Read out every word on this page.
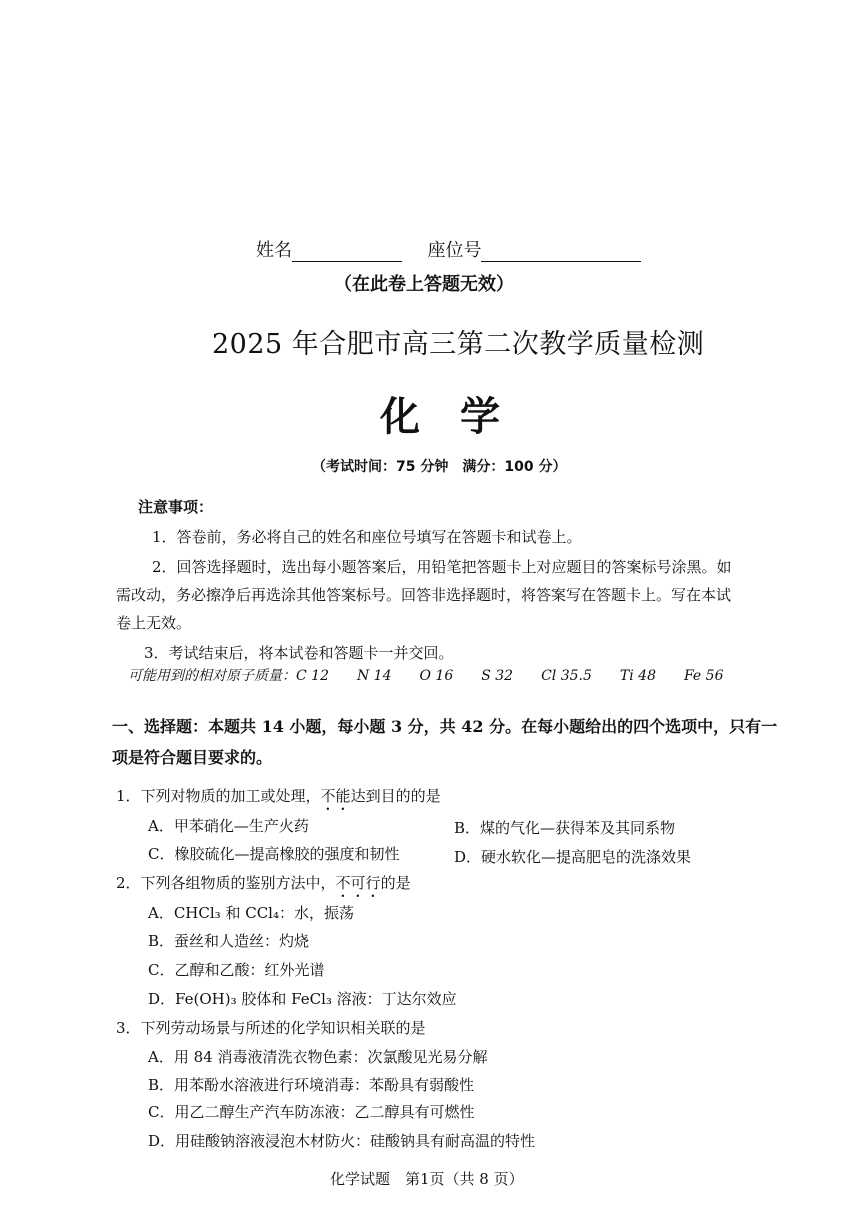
姓名	座位号
（在此卷上答题无效）
2025 年合肥市高三第二次教学质量检测
化　学
（考试时间：75 分钟　满分：100 分）
注意事项：
1．答卷前，务必将自己的姓名和座位号填写在答题卡和试卷上。
2．回答选择题时，选出每小题答案后，用铅笔把答题卡上对应题目的答案标号涂黑。如
需改动，务必擦净后再选涂其他答案标号。回答非选择题时，将答案写在答题卡上。写在本试
卷上无效。
3．考试结束后，将本试卷和答题卡一并交回。
可能用到的相对原子质量：C 12　　N 14　　O 16　　S 32　　Cl 35.5　　Ti 48　　Fe 56
一、选择题：本题共 14 小题，每小题 3 分，共 42 分。在每小题给出的四个选项中，只有一
项是符合题目要求的。
1．下列对物质的加工或处理，不能达到目的的是
A．甲苯硝化—生产火药	B．煤的气化—获得苯及其同系物
C．橡胶硫化—提高橡胶的强度和韧性	D．硬水软化—提高肥皂的洗涤效果
2．下列各组物质的鉴别方法中，不可行的是
A．CHCl₃ 和 CCl₄：水，振荡
B．蚕丝和人造丝：灼烧
C．乙醇和乙酸：红外光谱
D．Fe(OH)₃ 胶体和 FeCl₃ 溶液：丁达尔效应
3．下列劳动场景与所述的化学知识相关联的是
A．用 84 消毒液清洗衣物色素：次氯酸见光易分解
B．用苯酚水溶液进行环境消毒：苯酚具有弱酸性
C．用乙二醇生产汽车防冻液：乙二醇具有可燃性
D．用硅酸钠溶液浸泡木材防火：硅酸钠具有耐高温的特性
化学试题　第1页（共 8 页）
